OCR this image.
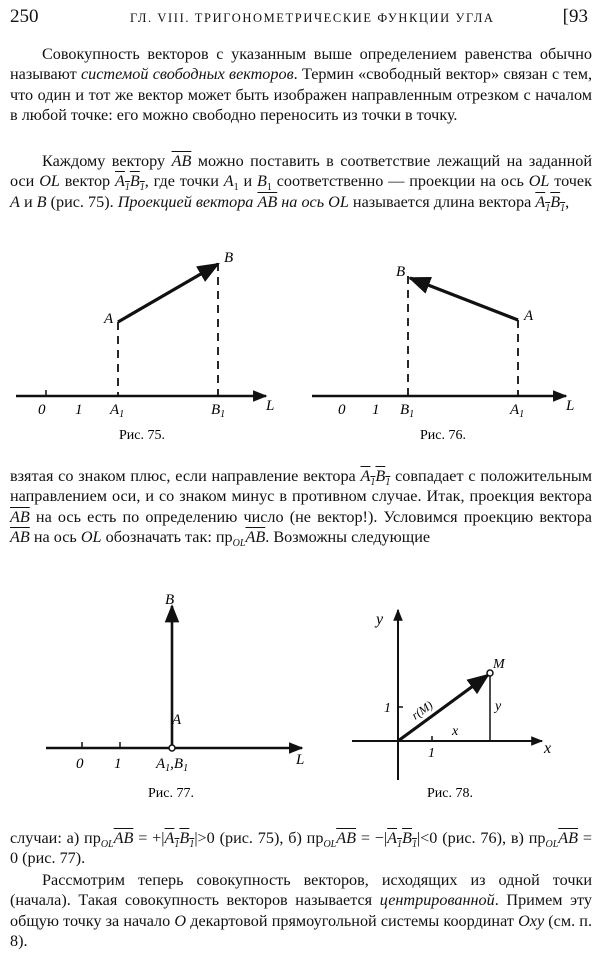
250	ГЛ. VIII. ТРИГОНОМЕТРИЧЕСКИЕ ФУНКЦИИ УГЛА	[93
Совокупность векторов с указанным выше определением равенства обычно называют системой свободных векторов. Термин «свободный вектор» связан с тем, что один и тот же вектор может быть изображен направленным отрезком с началом в любой точке: его можно свободно переносить из точки в точку.
Каждому вектору $\overline{AB}$ можно поставить в соответствие лежащий на заданной оси OL вектор $A_1B_1$, где точки $A_1$ и $B_1$ соответственно — проекции на ось OL точек A и B (рис. 75). Проекцией вектора $\overline{AB}$ на ось OL называется длина вектора $A_1B_1$,
A
B
0 1 $A_1$	$B_1$
L
Рис. 75.
A
B
0 1 $B_1$	$A_1$
L
Рис. 76.
взятая со знаком плюс, если направление вектора $A_1B_1$ совпадает с положительным направлением оси, и со знаком минус в противном случае. Итак, проекция вектора $\overline{AB}$ на ось есть по определению число (не вектор!). Условимся проекцию вектора $\overline{AB}$ на ось OL обозначать так: $пр_{OL}\overline{AB}$. Возможны следующие
B
A
0 1 $A_1,B_1$
L
Рис. 77.
y
x
M
r(M)
x
y
1
1
Рис. 78.
случаи: а) $пр_{OL}\overline{AB} = +|A_1B_1|>0$ (рис. 75), б) $пр_{OL}\overline{AB} = -|A_1B_1|<0$ (рис. 76), в) $пр_{OL}\overline{AB} = 0$ (рис. 77).
Рассмотрим теперь совокупность векторов, исходящих из одной точки (начала). Такая совокупность векторов называется центрированной. Примем эту общую точку за начало O декартовой прямоугольной системы координат Oxy (см. п. 8).
